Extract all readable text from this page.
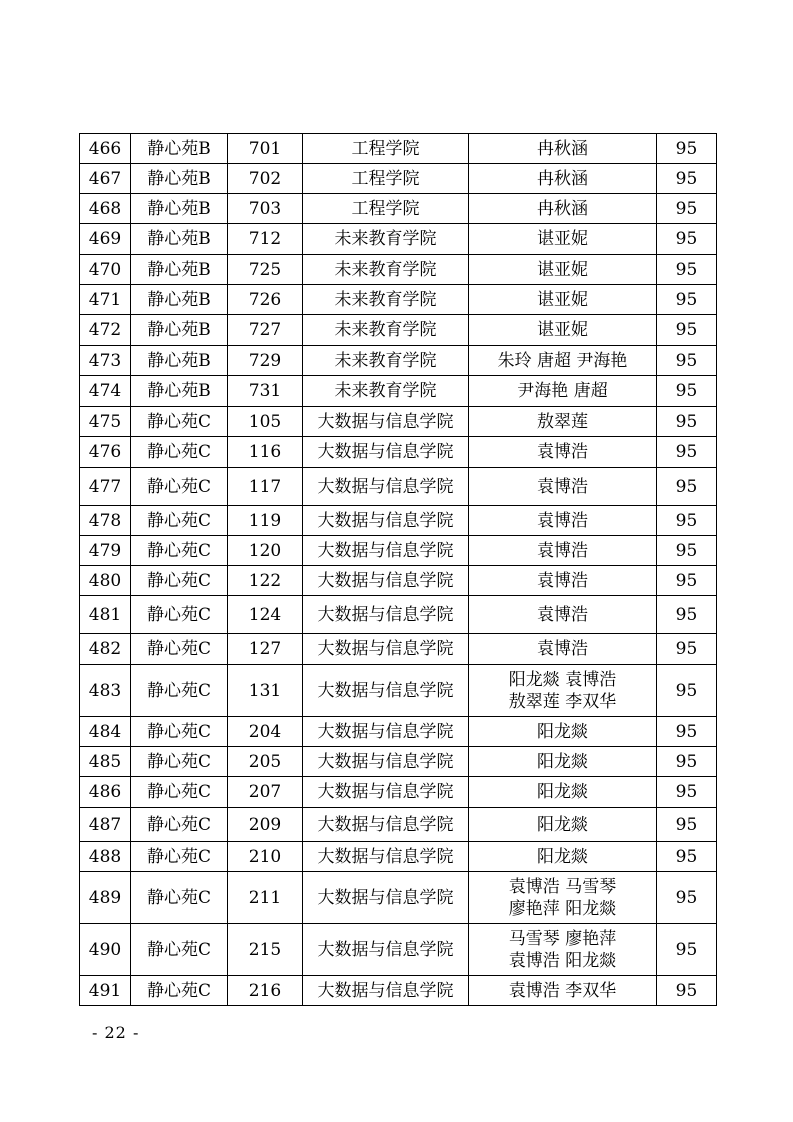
466	静心苑B	701	工程学院	冉秋涵	95
467	静心苑B	702	工程学院	冉秋涵	95
468	静心苑B	703	工程学院	冉秋涵	95
469	静心苑B	712	未来教育学院	谌亚妮	95
470	静心苑B	725	未来教育学院	谌亚妮	95
471	静心苑B	726	未来教育学院	谌亚妮	95
472	静心苑B	727	未来教育学院	谌亚妮	95
473	静心苑B	729	未来教育学院	朱玲 唐超 尹海艳	95
474	静心苑B	731	未来教育学院	尹海艳 唐超	95
475	静心苑C	105	大数据与信息学院	敖翠莲	95
476	静心苑C	116	大数据与信息学院	袁博浩	95
477	静心苑C	117	大数据与信息学院	袁博浩	95
478	静心苑C	119	大数据与信息学院	袁博浩	95
479	静心苑C	120	大数据与信息学院	袁博浩	95
480	静心苑C	122	大数据与信息学院	袁博浩	95
481	静心苑C	124	大数据与信息学院	袁博浩	95
482	静心苑C	127	大数据与信息学院	袁博浩	95
483	静心苑C	131	大数据与信息学院	阳龙燚 袁博浩
敖翠莲 李双华	95
484	静心苑C	204	大数据与信息学院	阳龙燚	95
485	静心苑C	205	大数据与信息学院	阳龙燚	95
486	静心苑C	207	大数据与信息学院	阳龙燚	95
487	静心苑C	209	大数据与信息学院	阳龙燚	95
488	静心苑C	210	大数据与信息学院	阳龙燚	95
489	静心苑C	211	大数据与信息学院	袁博浩 马雪琴
廖艳萍 阳龙燚	95
490	静心苑C	215	大数据与信息学院	马雪琴 廖艳萍
袁博浩 阳龙燚	95
491	静心苑C	216	大数据与信息学院	袁博浩 李双华	95
- 22 -
